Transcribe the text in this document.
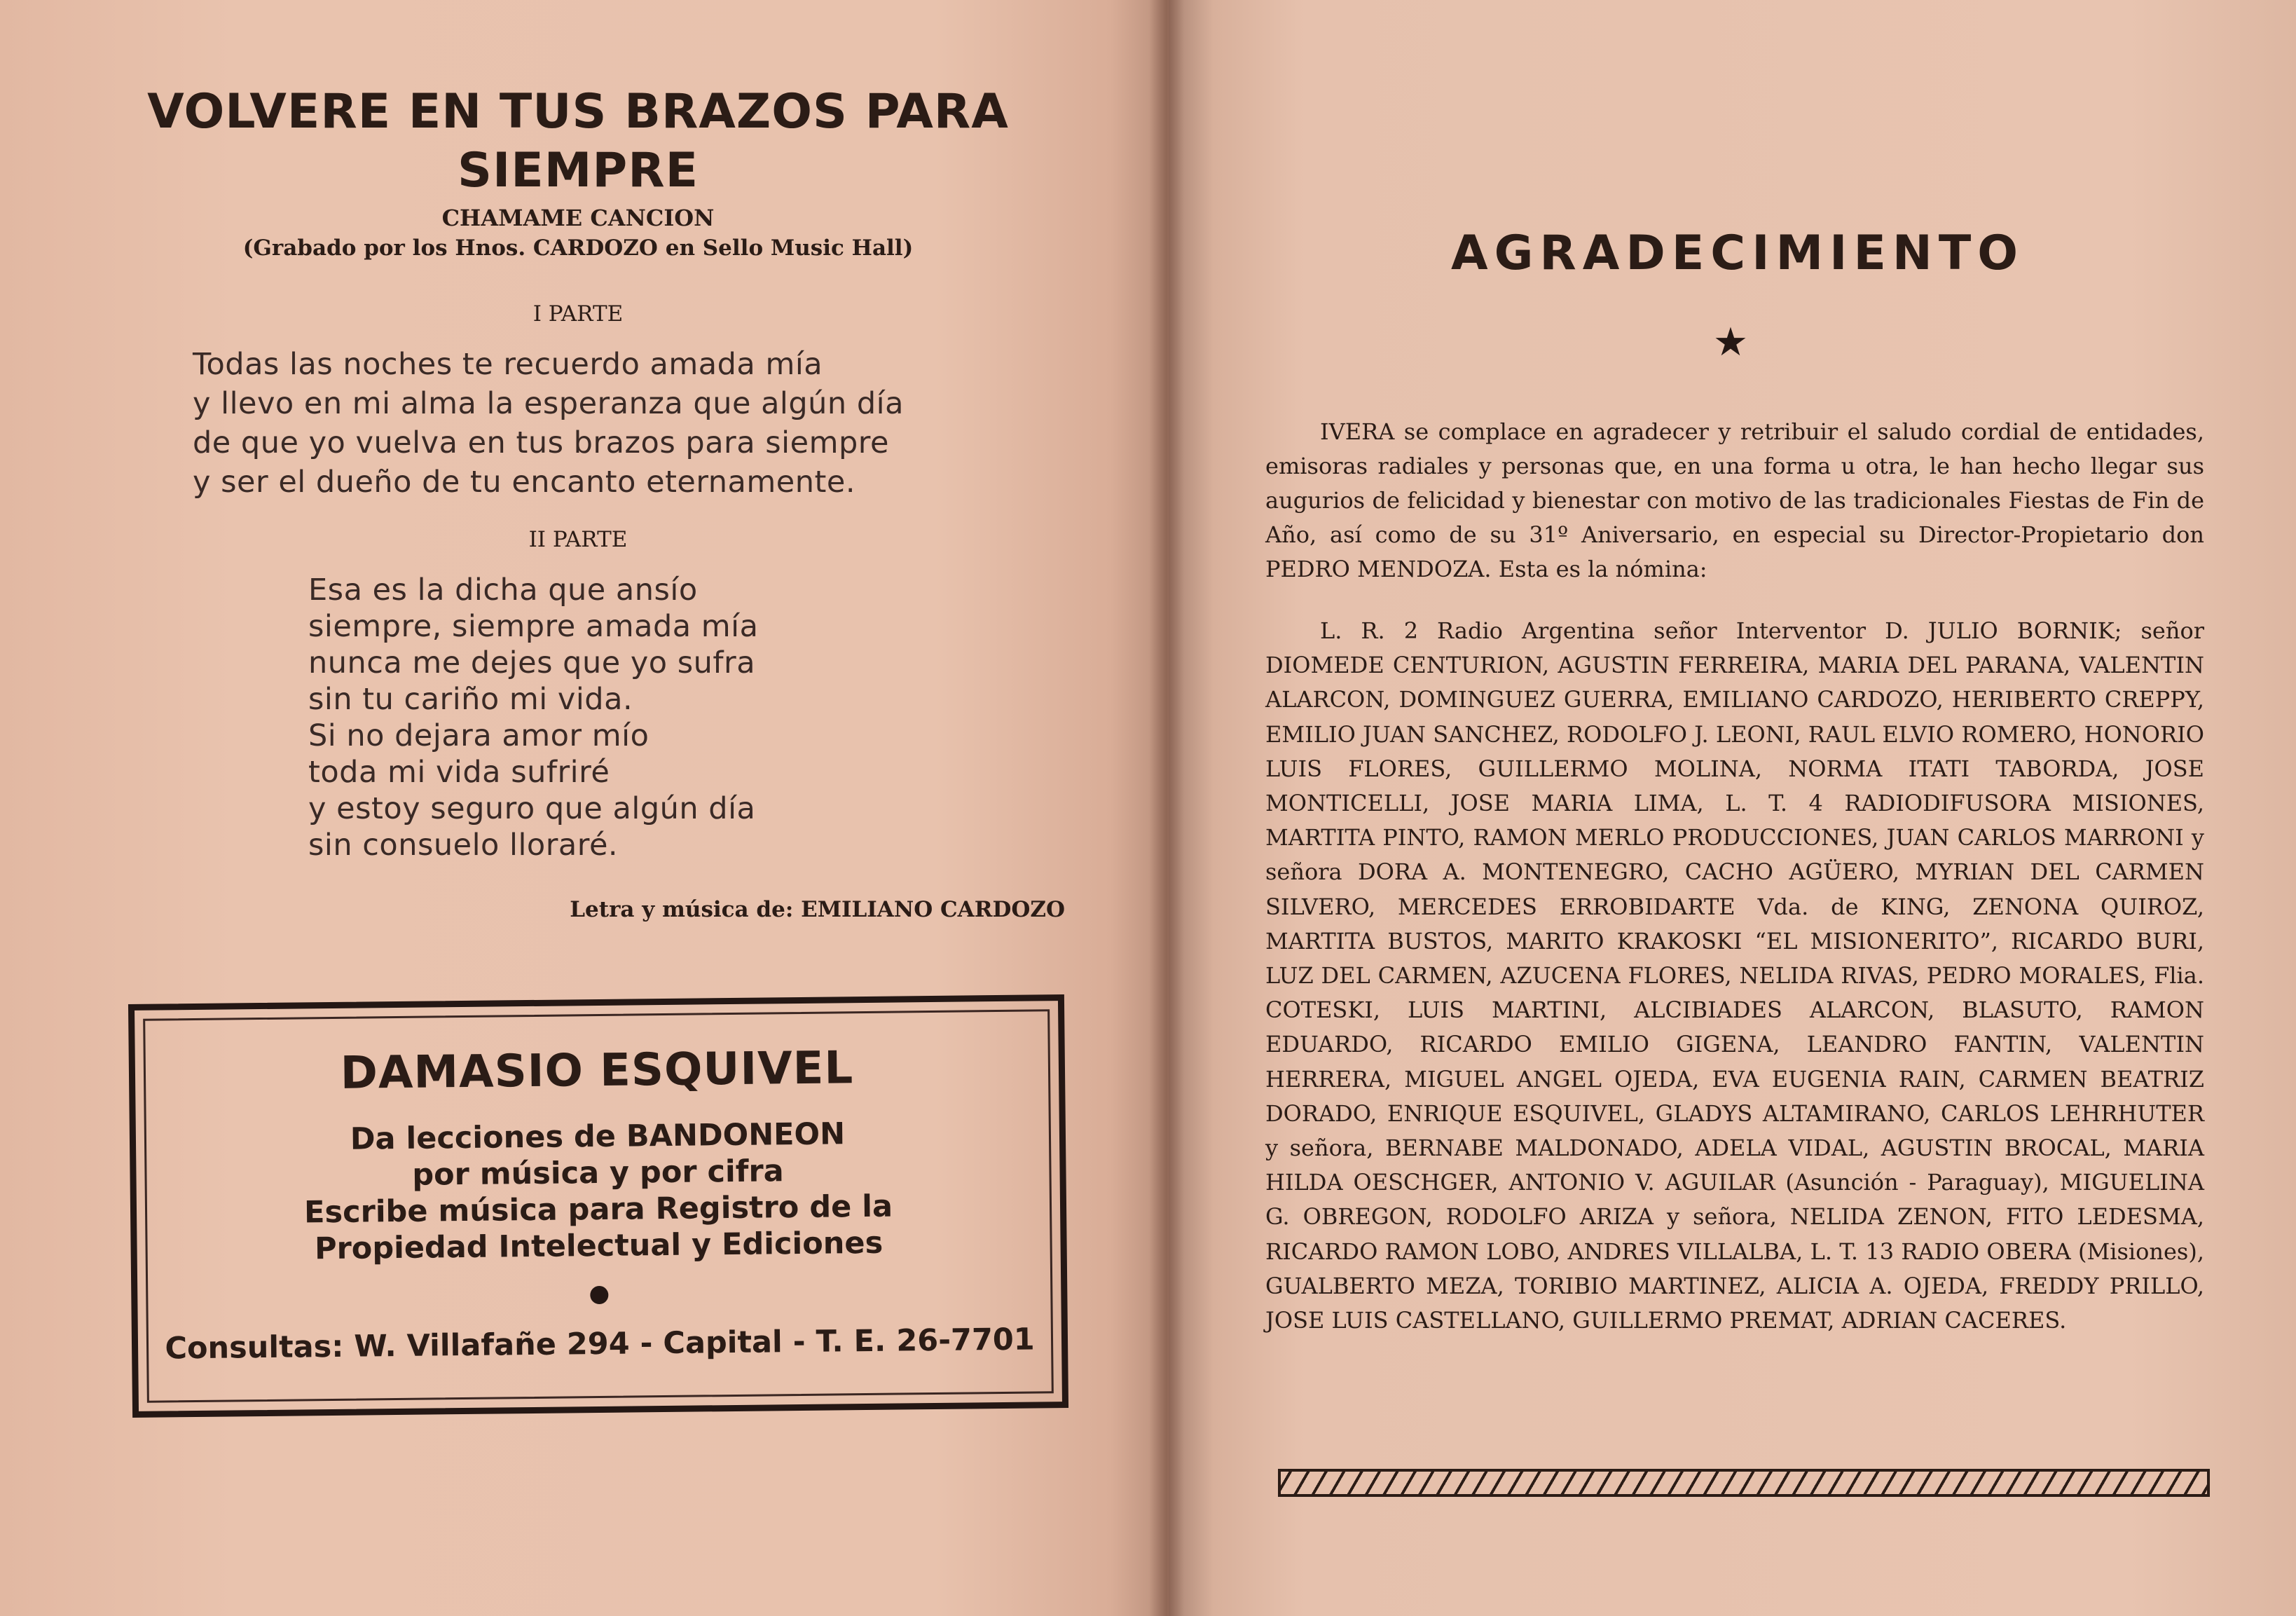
VOLVERE EN TUS BRAZOS PARA SIEMPRE
CHAMAME CANCION
(Grabado por los Hnos. CARDOZO en Sello Music Hall)
I PARTE
Todas las noches te recuerdo amada mía
y llevo en mi alma la esperanza que algún día
de que yo vuelva en tus brazos para siempre
y ser el dueño de tu encanto eternamente.
II PARTE
Esa es la dicha que ansío
siempre, siempre amada mía
nunca me dejes que yo sufra
sin tu cariño mi vida.
Si no dejara amor mío
toda mi vida sufriré
y estoy seguro que algún día
sin consuelo lloraré.
Letra y música de: EMILIANO CARDOZO
DAMASIO ESQUIVEL
Da lecciones de BANDONEON
por música y por cifra
Escribe música para Registro de la
Propiedad Intelectual y Ediciones
Consultas: W. Villafañe 294 - Capital - T. E. 26-7701
AGRADECIMIENTO
★
IVERA se complace en agradecer y retribuir el saludo cordial de entidades, emisoras radiales y personas que, en una forma u otra, le han hecho llegar sus augurios de felicidad y bienestar con motivo de las tradicionales Fiestas de Fin de Año, así como de su 31º Aniversario, en especial su Director-Propietario don PEDRO MENDOZA. Esta es la nómina:
L. R. 2 Radio Argentina señor Interventor D. JULIO BORNIK; señor DIOMEDE CENTURION, AGUSTIN FERREIRA, MARIA DEL PARANA, VALENTIN ALARCON, DOMINGUEZ GUERRA, EMILIANO CARDOZO, HERIBERTO CREPPY, EMILIO JUAN SANCHEZ, RODOLFO J. LEONI, RAUL ELVIO ROMERO, HONORIO LUIS FLORES, GUILLERMO MOLINA, NORMA ITATI TABORDA, JOSE MONTICELLI, JOSE MARIA LIMA, L. T. 4 RADIODIFUSORA MISIONES, MARTITA PINTO, RAMON MERLO PRODUCCIONES, JUAN CARLOS MARRONI y señora DORA A. MONTENEGRO, CACHO AGÜERO, MYRIAN DEL CARMEN SILVERO, MERCEDES ERROBIDARTE Vda. de KING, ZENONA QUIROZ, MARTITA BUSTOS, MARITO KRAKOSKI “EL MISIONERITO”, RICARDO BURI, LUZ DEL CARMEN, AZUCENA FLORES, NELIDA RIVAS, PEDRO MORALES, Flia. COTESKI, LUIS MARTINI, ALCIBIADES ALARCON, BLASUTO, RAMON EDUARDO, RICARDO EMILIO GIGENA, LEANDRO FANTIN, VALENTIN HERRERA, MIGUEL ANGEL OJEDA, EVA EUGENIA RAIN, CARMEN BEATRIZ DORADO, ENRIQUE ESQUIVEL, GLADYS ALTAMIRANO, CARLOS LEHRHUTER y señora, BERNABE MALDONADO, ADELA VIDAL, AGUSTIN BROCAL, MARIA HILDA OESCHGER, ANTONIO V. AGUILAR (Asunción - Paraguay), MIGUELINA G. OBREGON, RODOLFO ARIZA y señora, NELIDA ZENON, FITO LEDESMA, RICARDO RAMON LOBO, ANDRES VILLALBA, L. T. 13 RADIO OBERA (Misiones), GUALBERTO MEZA, TORIBIO MARTINEZ, ALICIA A. OJEDA, FREDDY PRILLO, JOSE LUIS CASTELLANO, GUILLERMO PREMAT, ADRIAN CACERES.
